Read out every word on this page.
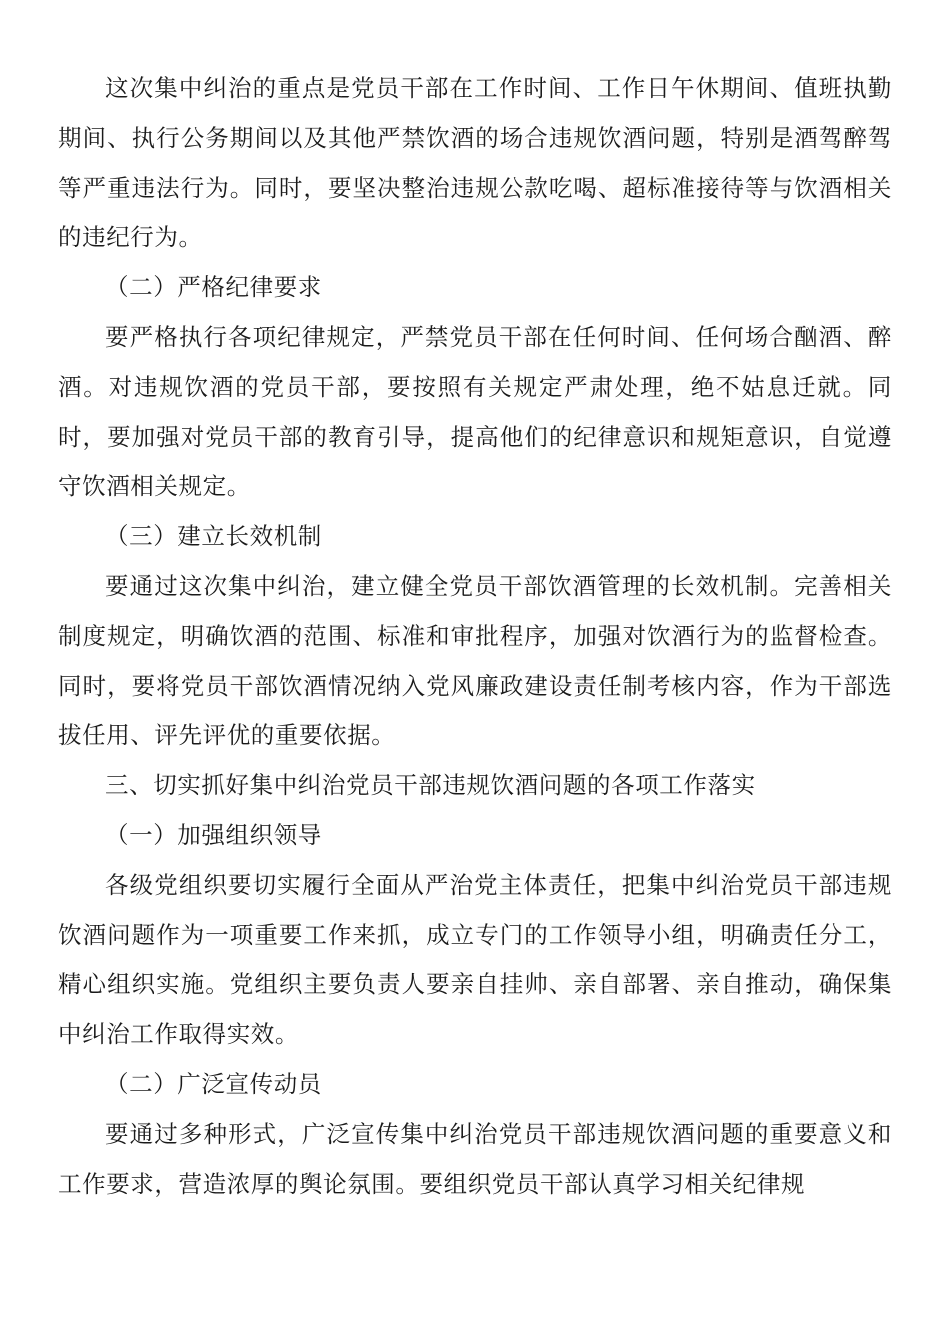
这次集中纠治的重点是党员干部在工作时间、工作日午休期间、值班执勤期间、执行公务期间以及其他严禁饮酒的场合违规饮酒问题，特别是酒驾醉驾等严重违法行为。同时，要坚决整治违规公款吃喝、超标准接待等与饮酒相关的违纪行为。

（二）严格纪律要求

要严格执行各项纪律规定，严禁党员干部在任何时间、任何场合酗酒、醉酒。对违规饮酒的党员干部，要按照有关规定严肃处理，绝不姑息迁就。同时，要加强对党员干部的教育引导，提高他们的纪律意识和规矩意识，自觉遵守饮酒相关规定。

（三）建立长效机制

要通过这次集中纠治，建立健全党员干部饮酒管理的长效机制。完善相关制度规定，明确饮酒的范围、标准和审批程序，加强对饮酒行为的监督检查。同时，要将党员干部饮酒情况纳入党风廉政建设责任制考核内容，作为干部选拔任用、评先评优的重要依据。

三、切实抓好集中纠治党员干部违规饮酒问题的各项工作落实

（一）加强组织领导

各级党组织要切实履行全面从严治党主体责任，把集中纠治党员干部违规饮酒问题作为一项重要工作来抓，成立专门的工作领导小组，明确责任分工，精心组织实施。党组织主要负责人要亲自挂帅、亲自部署、亲自推动，确保集中纠治工作取得实效。

（二）广泛宣传动员

要通过多种形式，广泛宣传集中纠治党员干部违规饮酒问题的重要意义和工作要求，营造浓厚的舆论氛围。要组织党员干部认真学习相关纪律规
